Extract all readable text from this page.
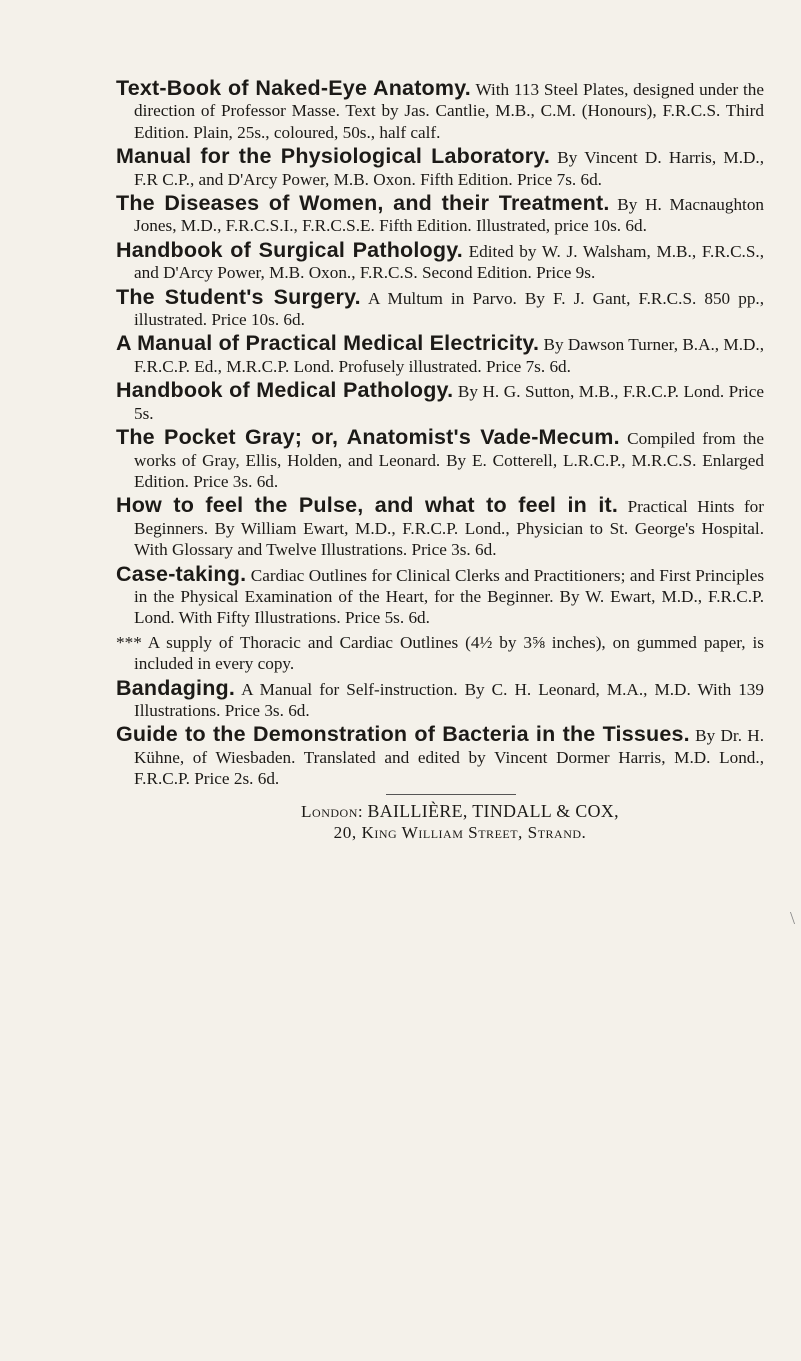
Text-Book of Naked-Eye Anatomy. With 113 Steel Plates, designed under the direction of Professor Masse. Text by Jas. Cantlie, M.B., C.M. (Honours), F.R.C.S. Third Edition. Plain, 25s., coloured, 50s., half calf.

Manual for the Physiological Laboratory. By Vincent D. Harris, M.D., F.R C.P., and D'Arcy Power, M.B. Oxon. Fifth Edition. Price 7s. 6d.

The Diseases of Women, and their Treatment. By H. Macnaughton Jones, M.D., F.R.C.S.I., F.R.C.S.E. Fifth Edition. Illustrated, price 10s. 6d.

Handbook of Surgical Pathology. Edited by W. J. Walsham, M.B., F.R.C.S., and D'Arcy Power, M.B. Oxon., F.R.C.S. Second Edition. Price 9s.

The Student's Surgery. A Multum in Parvo. By F. J. Gant, F.R.C.S. 850 pp., illustrated. Price 10s. 6d.

A Manual of Practical Medical Electricity. By Dawson Turner, B.A., M.D., F.R.C.P. Ed., M.R.C.P. Lond. Profusely illustrated. Price 7s. 6d.

Handbook of Medical Pathology. By H. G. Sutton, M.B., F.R.C.P. Lond. Price 5s.

The Pocket Gray; or, Anatomist's Vade-Mecum. Compiled from the works of Gray, Ellis, Holden, and Leonard. By E. Cotterell, L.R.C.P., M.R.C.S. Enlarged Edition. Price 3s. 6d.

How to feel the Pulse, and what to feel in it. Practical Hints for Beginners. By William Ewart, M.D., F.R.C.P. Lond., Physician to St. George's Hospital. With Glossary and Twelve Illustrations. Price 3s. 6d.

Case-taking. Cardiac Outlines for Clinical Clerks and Practitioners; and First Principles in the Physical Examination of the Heart, for the Beginner. By W. Ewart, M.D., F.R.C.P. Lond. With Fifty Illustrations. Price 5s. 6d.

*** A supply of Thoracic and Cardiac Outlines (4½ by 3⅝ inches), on gummed paper, is included in every copy.

Bandaging. A Manual for Self-instruction. By C. H. Leonard, M.A., M.D. With 139 Illustrations. Price 3s. 6d.

Guide to the Demonstration of Bacteria in the Tissues. By Dr. H. Kühne, of Wiesbaden. Translated and edited by Vincent Dormer Harris, M.D. Lond., F.R.C.P. Price 2s. 6d.

London: BAILLIÈRE, TINDALL & COX,
20, King William Street, Strand.
\
